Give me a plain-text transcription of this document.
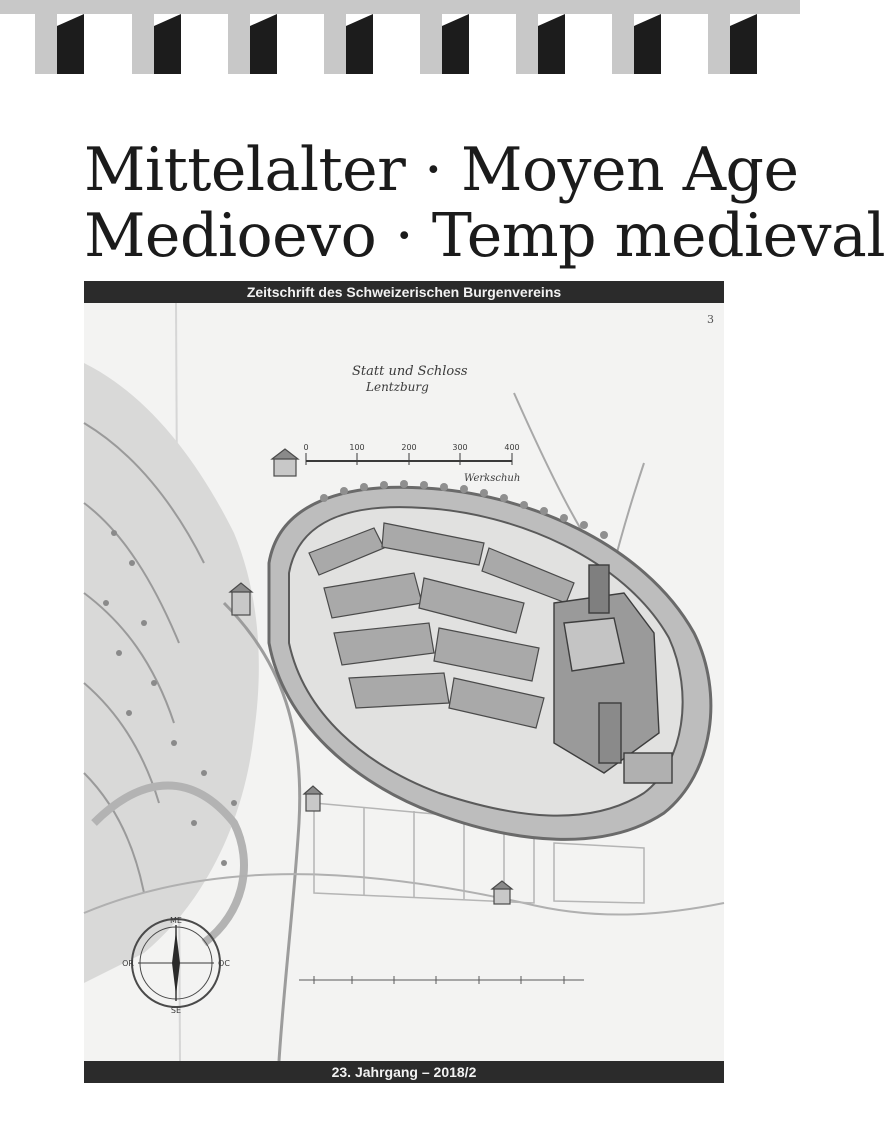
Mittelalter · Moyen Age
Medioevo · Temp medieval
Zeitschrift des Schweizerischen Burgenvereins
Statt und Schloss
Lentzburg
3
0	100	200	300	400
Werkschuh
ME
SE
OC
OR
23. Jahrgang – 2018/2
